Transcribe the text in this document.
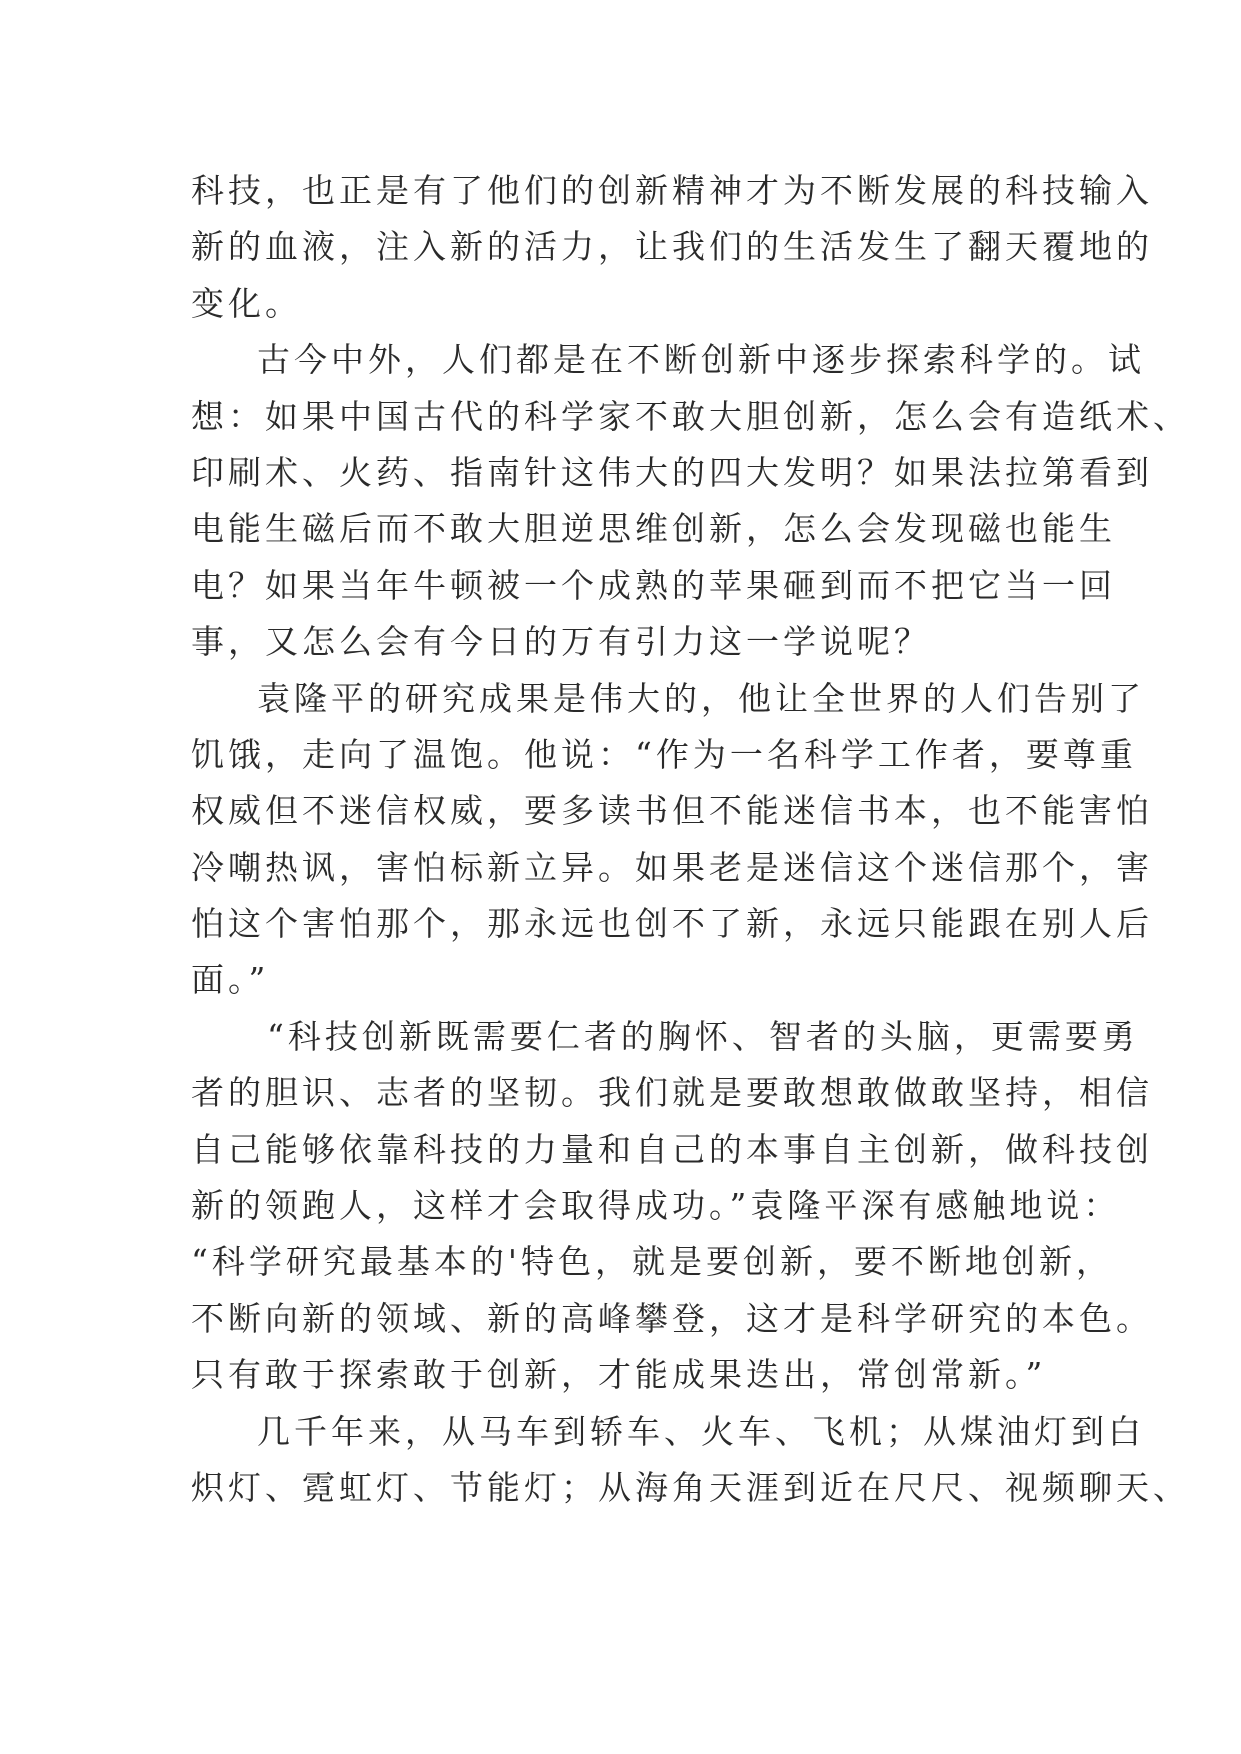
科技，也正是有了他们的创新精神才为不断发展的科技输入
新的血液，注入新的活力，让我们的生活发生了翻天覆地的
变化。
古今中外，人们都是在不断创新中逐步探索科学的。试
想：如果中国古代的科学家不敢大胆创新，怎么会有造纸术、
印刷术、火药、指南针这伟大的四大发明？如果法拉第看到
电能生磁后而不敢大胆逆思维创新，怎么会发现磁也能生
电？如果当年牛顿被一个成熟的苹果砸到而不把它当一回
事，又怎么会有今日的万有引力这一学说呢？
袁隆平的研究成果是伟大的，他让全世界的人们告别了
饥饿，走向了温饱。他说：“作为一名科学工作者，要尊重
权威但不迷信权威，要多读书但不能迷信书本，也不能害怕
冷嘲热讽，害怕标新立异。如果老是迷信这个迷信那个，害
怕这个害怕那个，那永远也创不了新，永远只能跟在别人后
面。”
“科技创新既需要仁者的胸怀、智者的头脑，更需要勇
者的胆识、志者的坚韧。我们就是要敢想敢做敢坚持，相信
自己能够依靠科技的力量和自己的本事自主创新，做科技创
新的领跑人，这样才会取得成功。”袁隆平深有感触地说：
“科学研究最基本的'特色，就是要创新，要不断地创新，
不断向新的领域、新的高峰攀登，这才是科学研究的本色。
只有敢于探索敢于创新，才能成果迭出，常创常新。”
几千年来，从马车到轿车、火车、飞机；从煤油灯到白
炽灯、霓虹灯、节能灯；从海角天涯到近在尺尺、视频聊天、
